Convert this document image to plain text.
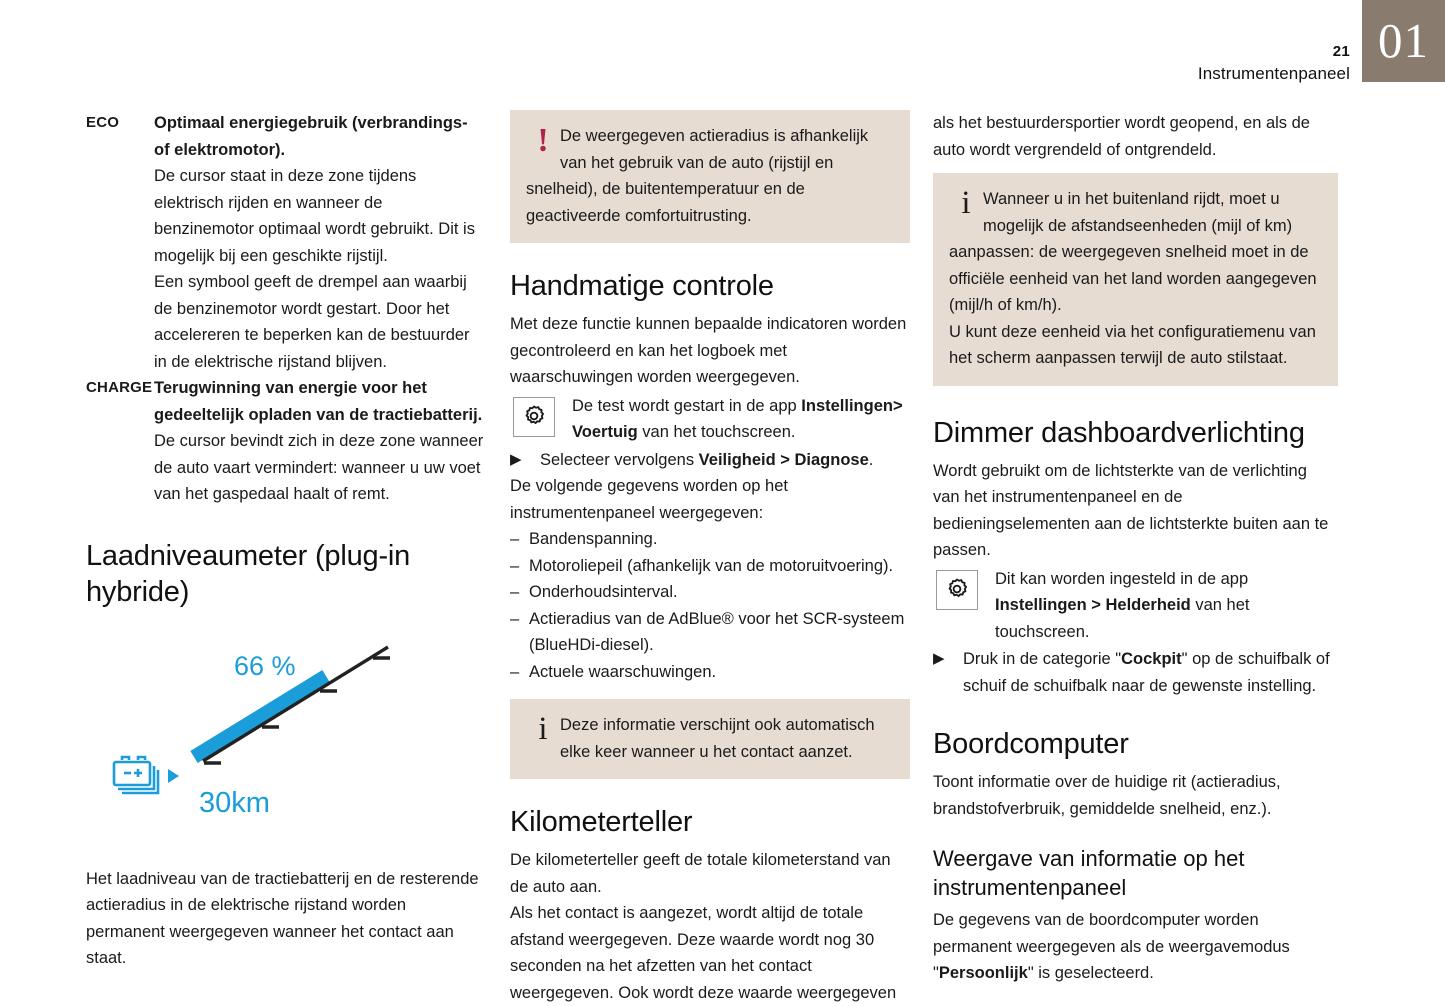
21
Instrumentenpaneel
01
ECO Optimaal energiegebruik (verbrandings- of elektromotor).

De cursor staat in deze zone tijdens elektrisch rijden en wanneer de benzinemotor optimaal wordt gebruikt. Dit is mogelijk bij een geschikte rijstijl.

Een symbool geeft de drempel aan waarbij de benzinemotor wordt gestart. Door het accelereren te beperken kan de bestuurder in de elektrische rijstand blijven.

CHARGE Terugwinning van energie voor het gedeeltelijk opladen van de tractiebatterij.

De cursor bevindt zich in deze zone wanneer de auto vaart vermindert: wanneer u uw voet van het gaspedaal haalt of remt.

Laadniveaumeter (plug-in hybride)
66 %
30km

Het laadniveau van de tractiebatterij en de resterende actieradius in de elektrische rijstand worden permanent weergegeven wanneer het contact aan staat.

! De weergegeven actieradius is afhankelijk van het gebruik van de auto (rijstijl en snelheid), de buitentemperatuur en de geactiveerde comfortuitrusting.

Handmatige controle

Met deze functie kunnen bepaalde indicatoren worden gecontroleerd en kan het logboek met waarschuwingen worden weergegeven.

De test wordt gestart in de app Instellingen> Voertuig van het touchscreen.

▶ Selecteer vervolgens Veiligheid > Diagnose.

De volgende gegevens worden op het instrumentenpaneel weergegeven:

– Bandenspanning.
– Motoroliepeil (afhankelijk van de motoruitvoering).
– Onderhoudsinterval.
– Actieradius van de AdBlue® voor het SCR-systeem (BlueHDi-diesel).
– Actuele waarschuwingen.
i Deze informatie verschijnt ook automatisch elke keer wanneer u het contact aanzet.

Kilometerteller

De kilometerteller geeft de totale kilometerstand van de auto aan.

Als het contact is aangezet, wordt altijd de totale afstand weergegeven. Deze waarde wordt nog 30 seconden na het afzetten van het contact weergegeven. Ook wordt deze waarde weergegeven

als het bestuurdersportier wordt geopend, en als de auto wordt vergrendeld of ontgrendeld.

i Wanneer u in het buitenland rijdt, moet u mogelijk de afstandseenheden (mijl of km) aanpassen: de weergegeven snelheid moet in de officiële eenheid van het land worden aangegeven (mijl/h of km/h).

U kunt deze eenheid via het configuratiemenu van het scherm aanpassen terwijl de auto stilstaat.

Dimmer dashboardverlichting

Wordt gebruikt om de lichtsterkte van de verlichting van het instrumentenpaneel en de bedieningselementen aan de lichtsterkte buiten aan te passen.

Dit kan worden ingesteld in de app Instellingen > Helderheid van het touchscreen.

▶ Druk in de categorie "Cockpit" op de schuifbalk of schuif de schuifbalk naar de gewenste instelling.
Boordcomputer

Toont informatie over de huidige rit (actieradius, brandstofverbruik, gemiddelde snelheid, enz.).

Weergave van informatie op het instrumentenpaneel

De gegevens van de boordcomputer worden permanent weergegeven als de weergavemodus "Persoonlijk" is geselecteerd.
